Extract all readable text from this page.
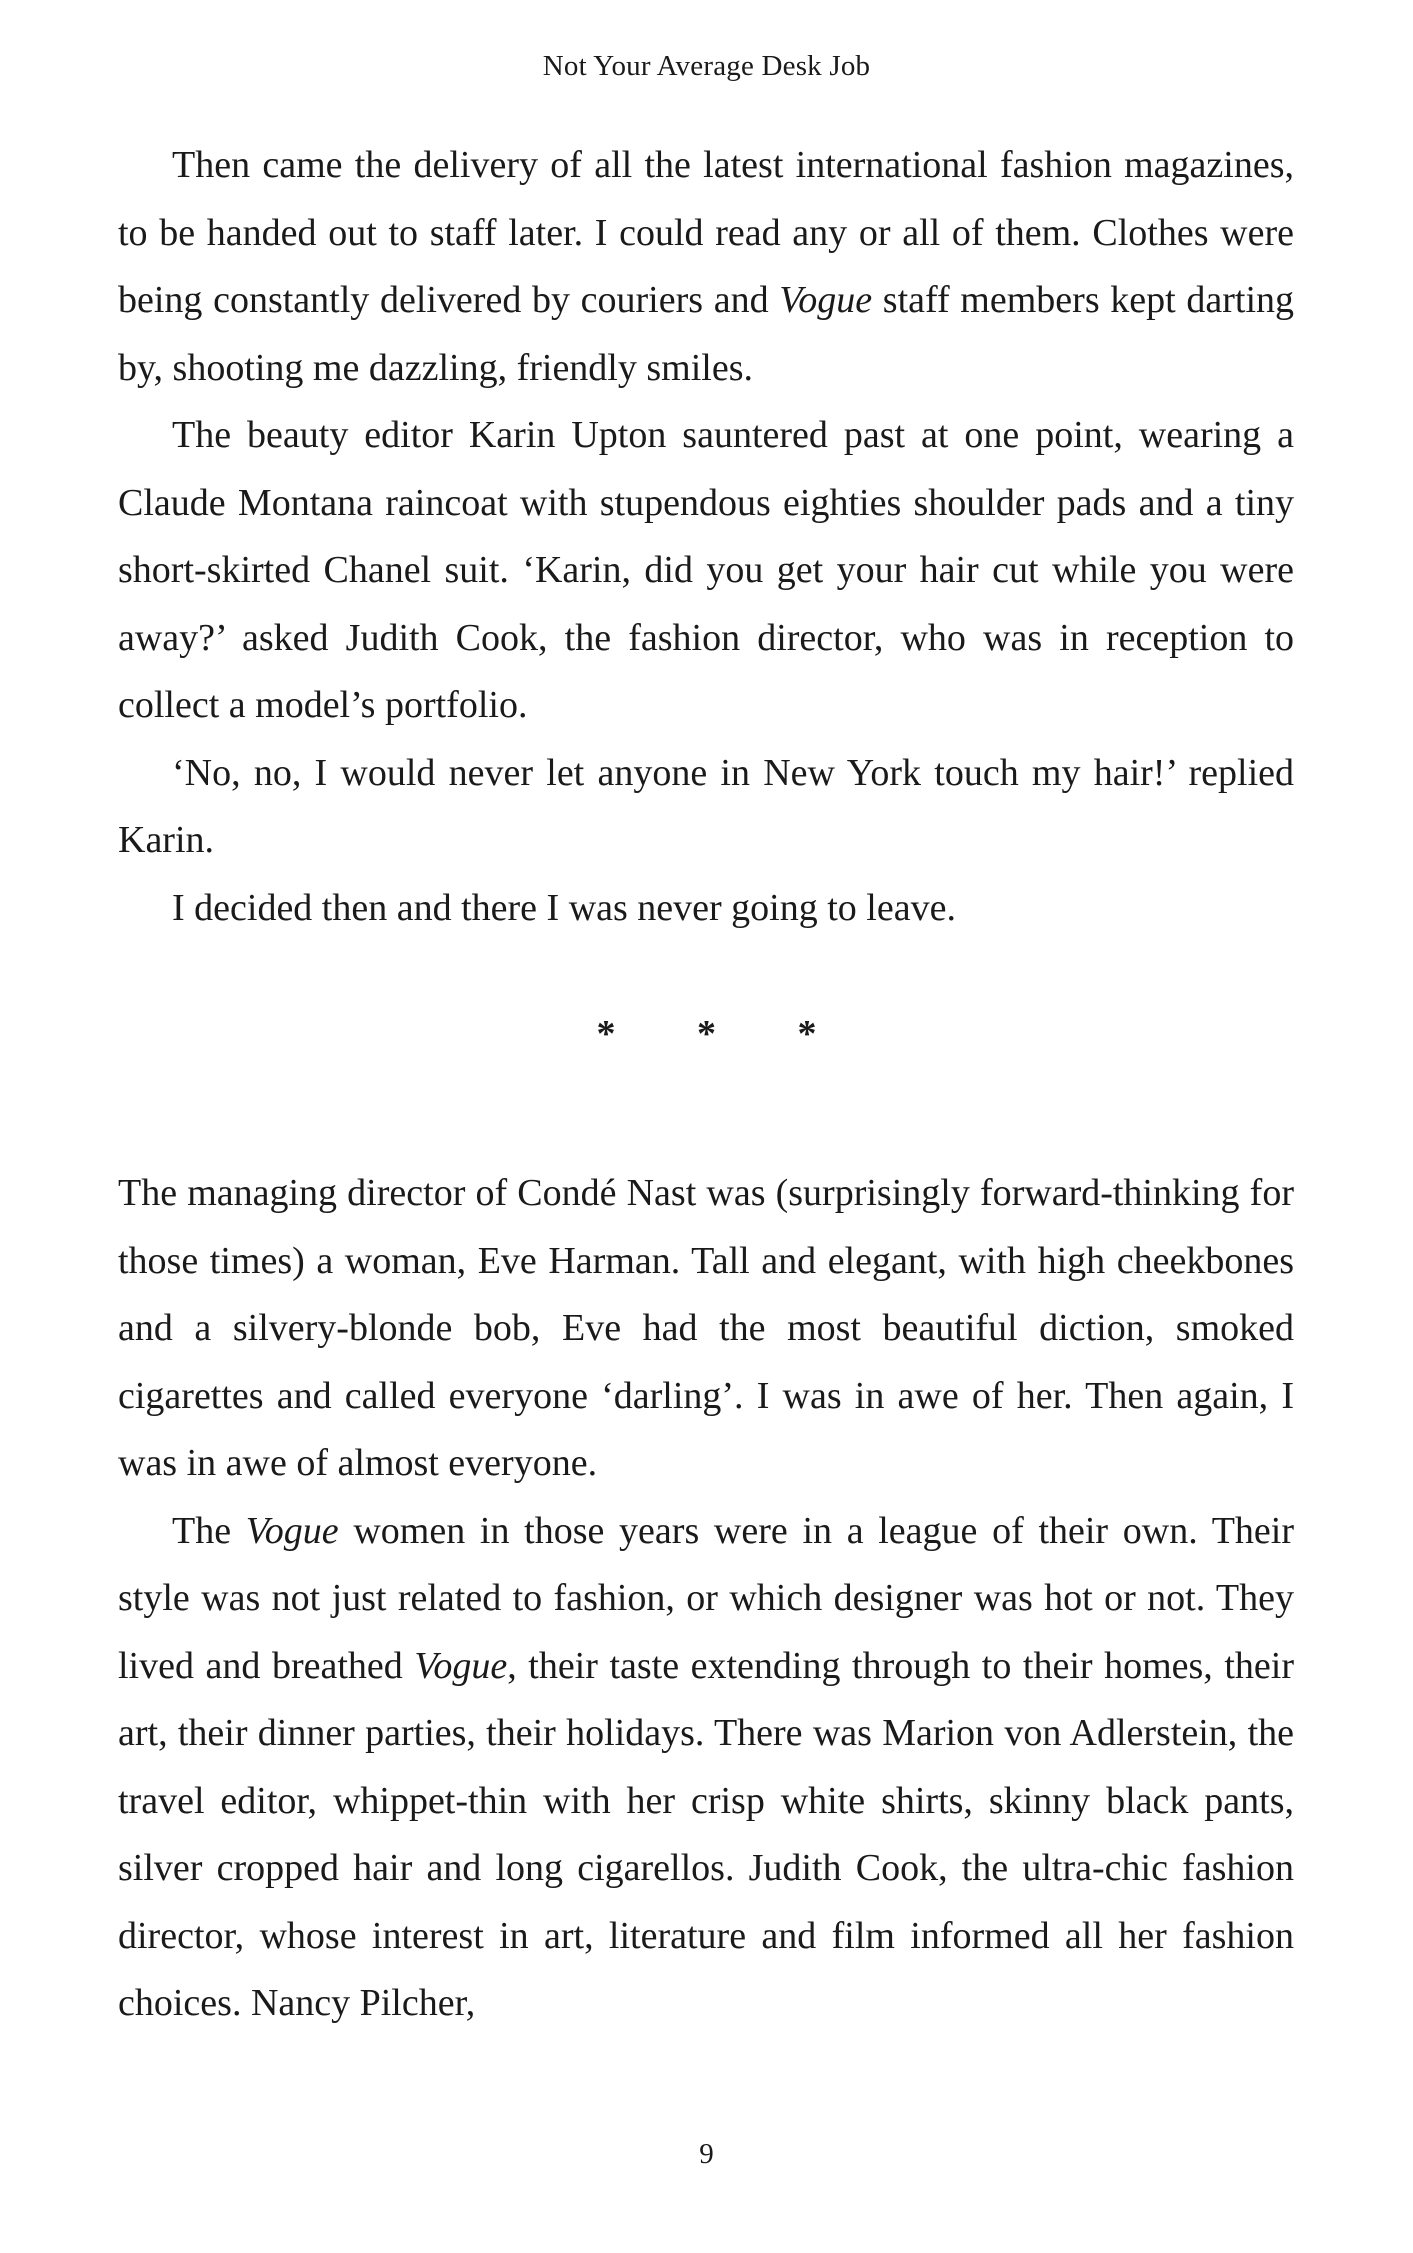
Not Your Average Desk Job

Then came the delivery of all the latest international fashion magazines, to be handed out to staff later. I could read any or all of them. Clothes were being constantly delivered by couriers and Vogue staff members kept darting by, shooting me dazzling, friendly smiles.

The beauty editor Karin Upton sauntered past at one point, wearing a Claude Montana raincoat with stupendous eighties shoulder pads and a tiny short-skirted Chanel suit. ‘Karin, did you get your hair cut while you were away?’ asked Judith Cook, the fashion director, who was in reception to collect a model’s portfolio.

‘No, no, I would never let anyone in New York touch my hair!’ replied Karin.

I decided then and there I was never going to leave.

* * *

The managing director of Condé Nast was (surprisingly forward-thinking for those times) a woman, Eve Harman. Tall and elegant, with high cheekbones and a silvery-blonde bob, Eve had the most beautiful diction, smoked cigarettes and called everyone ‘darling’. I was in awe of her. Then again, I was in awe of almost everyone.

The Vogue women in those years were in a league of their own. Their style was not just related to fashion, or which designer was hot or not. They lived and breathed Vogue, their taste extending through to their homes, their art, their dinner parties, their holidays. There was Marion von Adlerstein, the travel editor, whippet-thin with her crisp white shirts, skinny black pants, silver cropped hair and long cigarellos. Judith Cook, the ultra-chic fashion director, whose interest in art, literature and film informed all her fashion choices. Nancy Pilcher,

9
